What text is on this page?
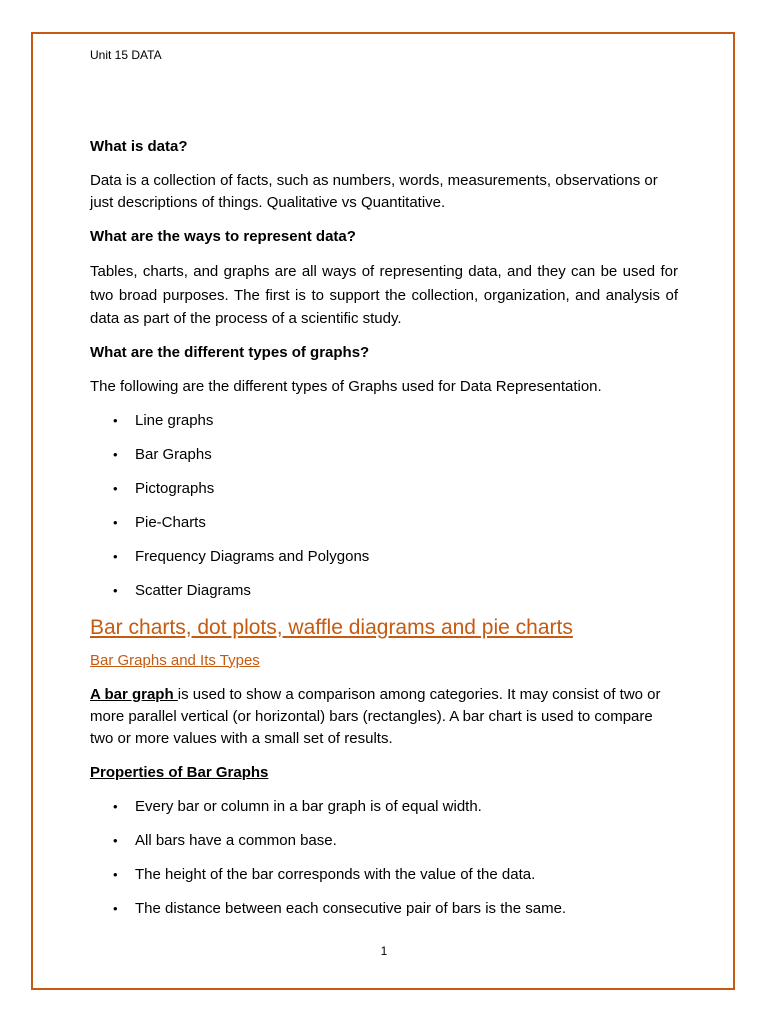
Unit 15 DATA

What is data?

Data is a collection of facts, such as numbers, words, measurements, observations or just descriptions of things. Qualitative vs Quantitative.

What are the ways to represent data?

Tables, charts, and graphs are all ways of representing data, and they can be used for two broad purposes. The first is to support the collection, organization, and analysis of data as part of the process of a scientific study.

What are the different types of graphs?

The following are the different types of Graphs used for Data Representation.

• Line graphs
• Bar Graphs
• Pictographs
• Pie-Charts
• Frequency Diagrams and Polygons
• Scatter Diagrams

Bar charts, dot plots, waffle diagrams and pie charts

Bar Graphs and Its Types

A bar graph is used to show a comparison among categories. It may consist of two or more parallel vertical (or horizontal) bars (rectangles). A bar chart is used to compare two or more values with a small set of results.

Properties of Bar Graphs

• Every bar or column in a bar graph is of equal width.
• All bars have a common base.
• The height of the bar corresponds with the value of the data.
• The distance between each consecutive pair of bars is the same.
1
